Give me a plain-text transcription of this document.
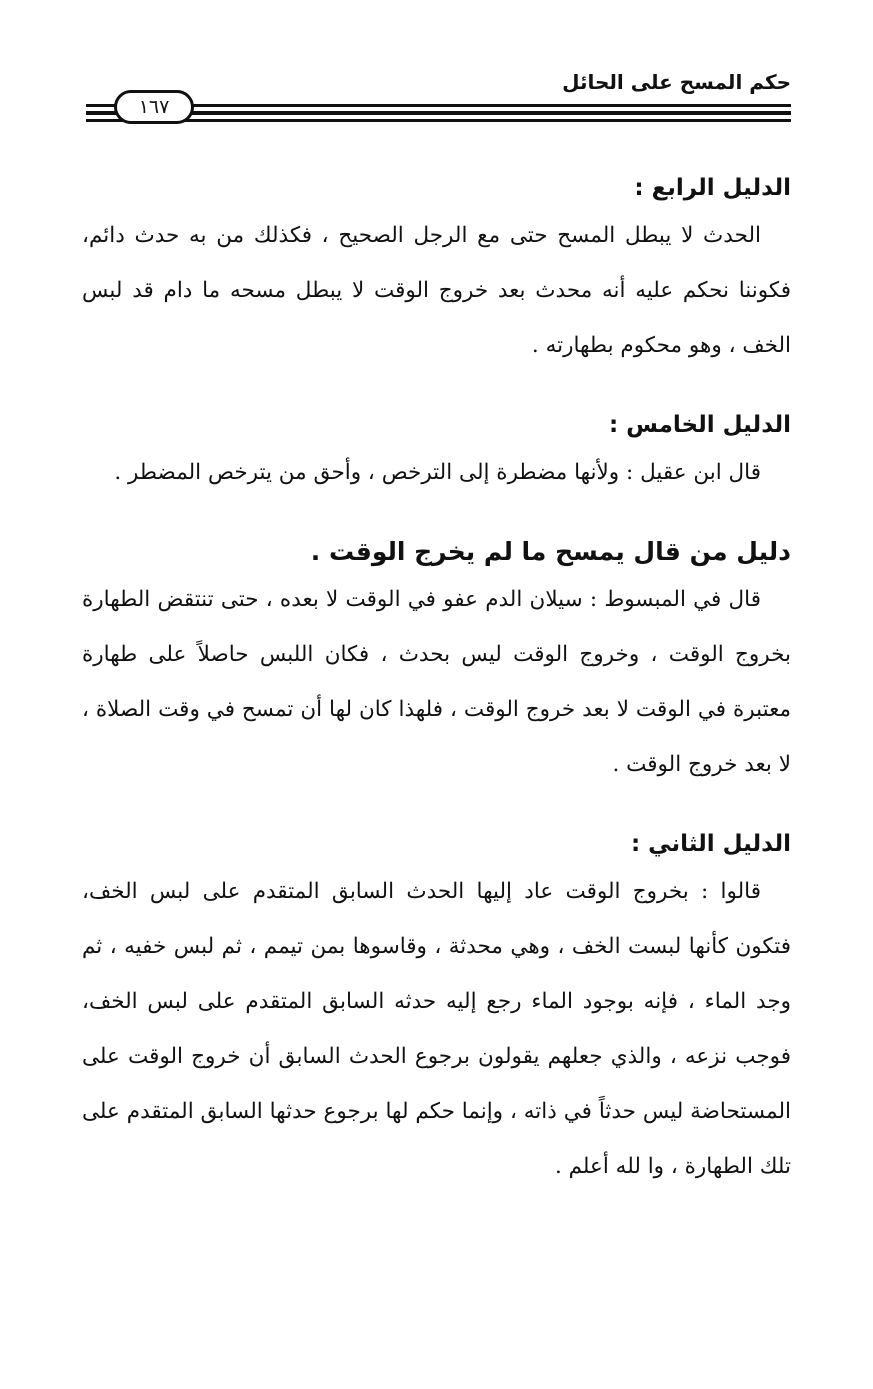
حكم المسح على الحائل
١٦٧
الدليل الرابع :

الحدث لا يبطل المسح حتى مع الرجل الصحيح ، فكذلك من به حدث دائم، فكوننا نحكم عليه أنه محدث بعد خروج الوقت لا يبطل مسحه ما دام قد لبس الخف ، وهو محكوم بطهارته .

الدليل الخامس :

قال ابن عقيل : ولأنها مضطرة إلى الترخص ، وأحق من يترخص المضطر .

دليل من قال يمسح ما لم يخرج الوقت .

قال في المبسوط : سيلان الدم عفو في الوقت لا بعده ، حتى تنتقض الطهارة بخروج الوقت ، وخروج الوقت ليس بحدث ، فكان اللبس حاصلاً على طهارة معتبرة في الوقت لا بعد خروج الوقت ، فلهذا كان لها أن تمسح في وقت الصلاة ، لا بعد خروج الوقت .

الدليل الثاني :

قالوا : بخروج الوقت عاد إليها الحدث السابق المتقدم على لبس الخف، فتكون كأنها لبست الخف ، وهي محدثة ، وقاسوها بمن تيمم ، ثم لبس خفيه ، ثم وجد الماء ، فإنه بوجود الماء رجع إليه حدثه السابق المتقدم على لبس الخف، فوجب نزعه ، والذي جعلهم يقولون برجوع الحدث السابق أن خروج الوقت على المستحاضة ليس حدثاً في ذاته ، وإنما حكم لها برجوع حدثها السابق المتقدم على تلك الطهارة ، وا لله أعلم .
